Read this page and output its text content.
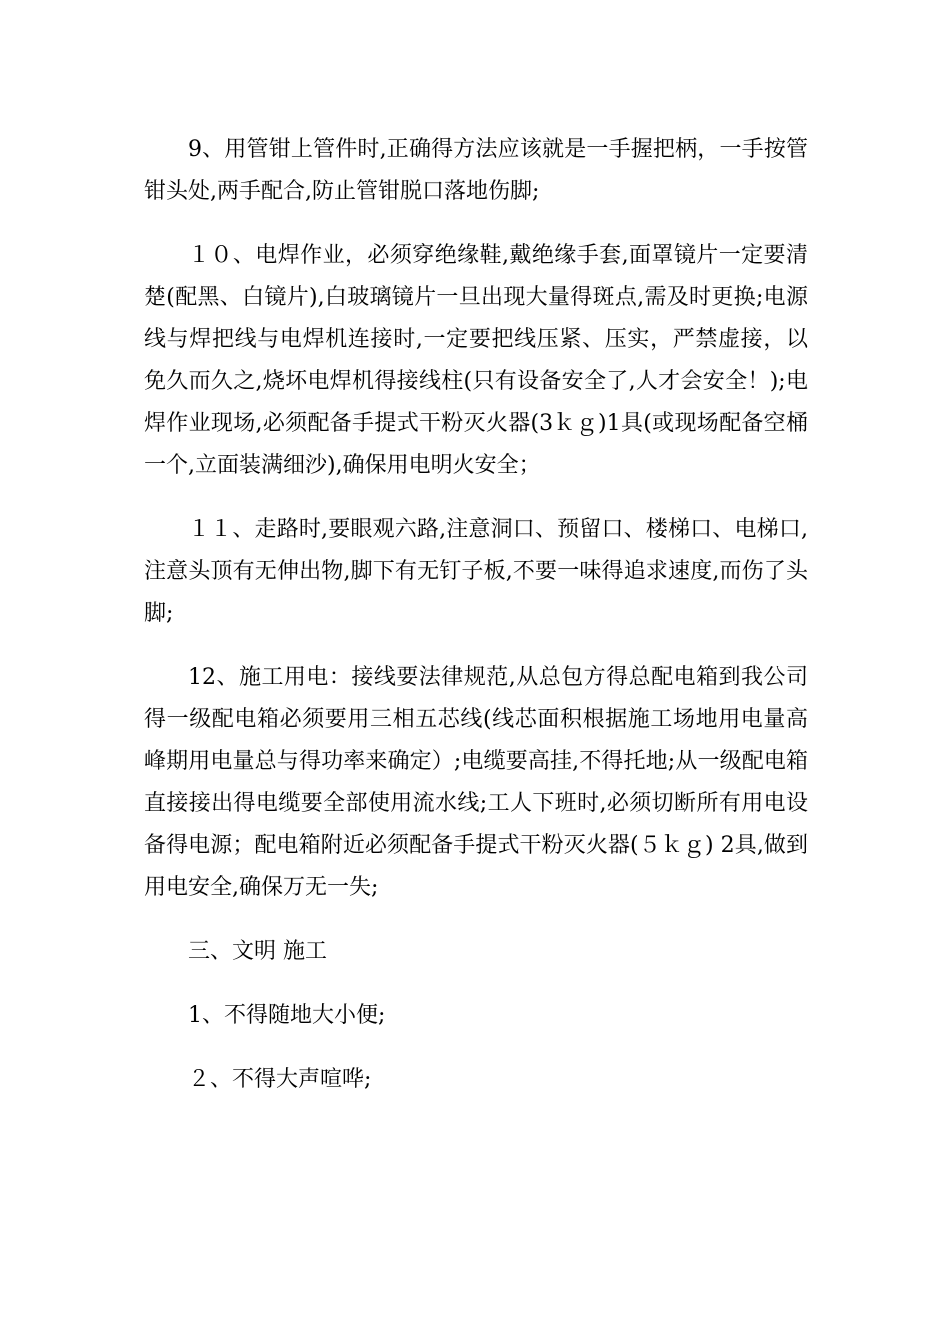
9、用管钳上管件时,正确得方法应该就是一手握把柄，一手按管钳头处,两手配合,防止管钳脱口落地伤脚;

１０、电焊作业，必须穿绝缘鞋,戴绝缘手套,面罩镜片一定要清楚(配黑、白镜片),白玻璃镜片一旦出现大量得斑点,需及时更换;电源线与焊把线与电焊机连接时,一定要把线压紧、压实，严禁虚接，以免久而久之,烧坏电焊机得接线柱(只有设备安全了,人才会安全！);电焊作业现场,必须配备手提式干粉灭火器(3ｋｇ)1具(或现场配备空桶一个,立面装满细沙),确保用电明火安全；

１１、走路时,要眼观六路,注意洞口、预留口、楼梯口、电梯口,注意头顶有无伸出物,脚下有无钉子板,不要一味得追求速度,而伤了头脚;

12、施工用电：接线要法律规范,从总包方得总配电箱到我公司得一级配电箱必须要用三相五芯线(线芯面积根据施工场地用电量高峰期用电量总与得功率来确定）;电缆要高挂,不得托地;从一级配电箱直接接出得电缆要全部使用流水线;工人下班时,必须切断所有用电设备得电源；配电箱附近必须配备手提式干粉灭火器(５ｋｇ) 2具,做到用电安全,确保万无一失;

三、文明 施工

1、不得随地大小便;

２、不得大声喧哗;
